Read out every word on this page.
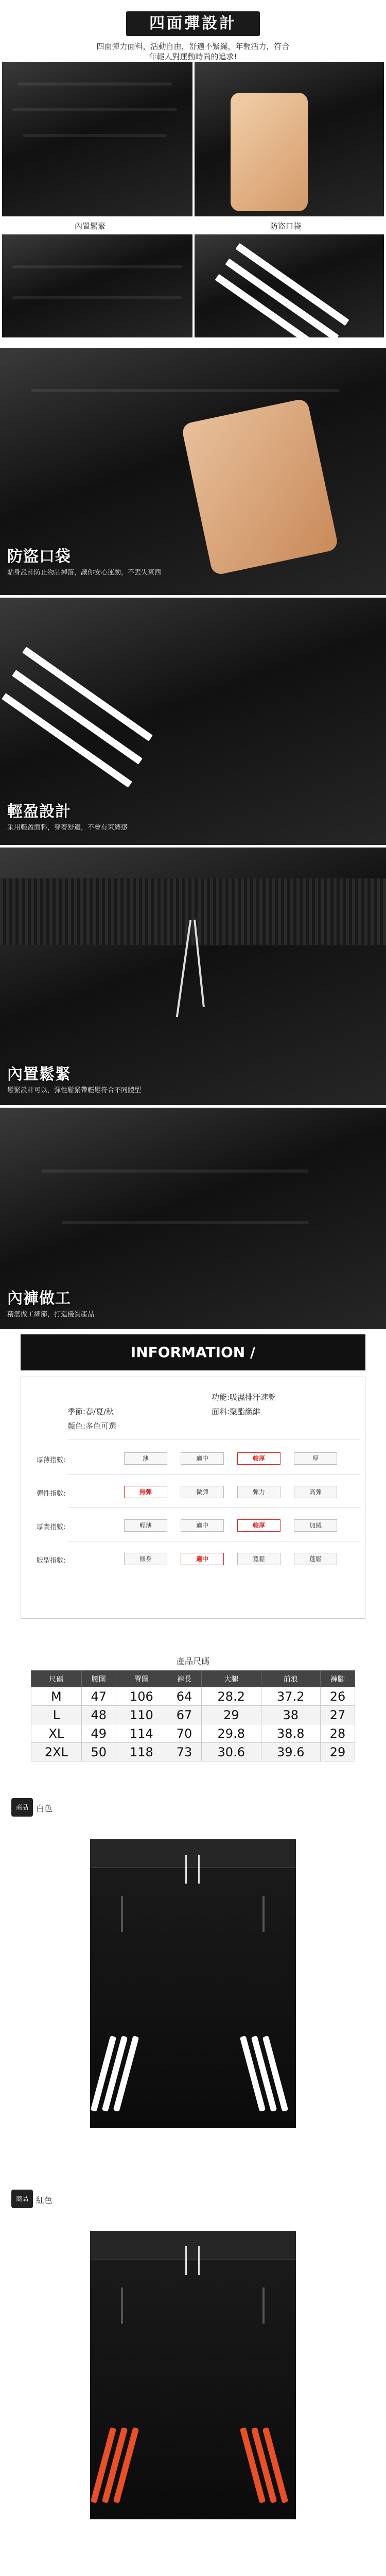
四面彈設計
四面彈力面料，活動自由，舒適不緊繃，年輕活力，符合
年輕人對運動時尚的追求!
內置鬆緊	防盜口袋
防盜口袋
貼身設計防止物品掉落，讓你安心運動，不丟失東西
輕盈設計
采用輕盈面料，穿着舒適，不會有束縛感
內置鬆緊
鬆緊設計可以，彈性鬆緊帶輕鬆符合不同體型
內褲做工
精湛做工細節，打造優質產品
INFORMATION /
功能:吸濕排汗速乾
季節:春/夏/秋	面料:聚酯纖維
顏色:多色可選
厚薄指數:	薄	適中	較厚	厚
彈性指數:	無彈	微彈	彈力	高彈
厚實指數:	輕薄	適中	較厚	加絨
版型指數:	修身	適中	寬鬆	蓬鬆
產品尺碼
尺碼	腰圍	臀圍	褲長	大腿	前浪	褲腳
M	47	106	64	28.2	37.2	26
L	48	110	67	29	38	27
XL	49	114	70	29.8	38.8	28
2XL	50	118	73	30.6	39.6	29
商品 白色
商品 紅色
